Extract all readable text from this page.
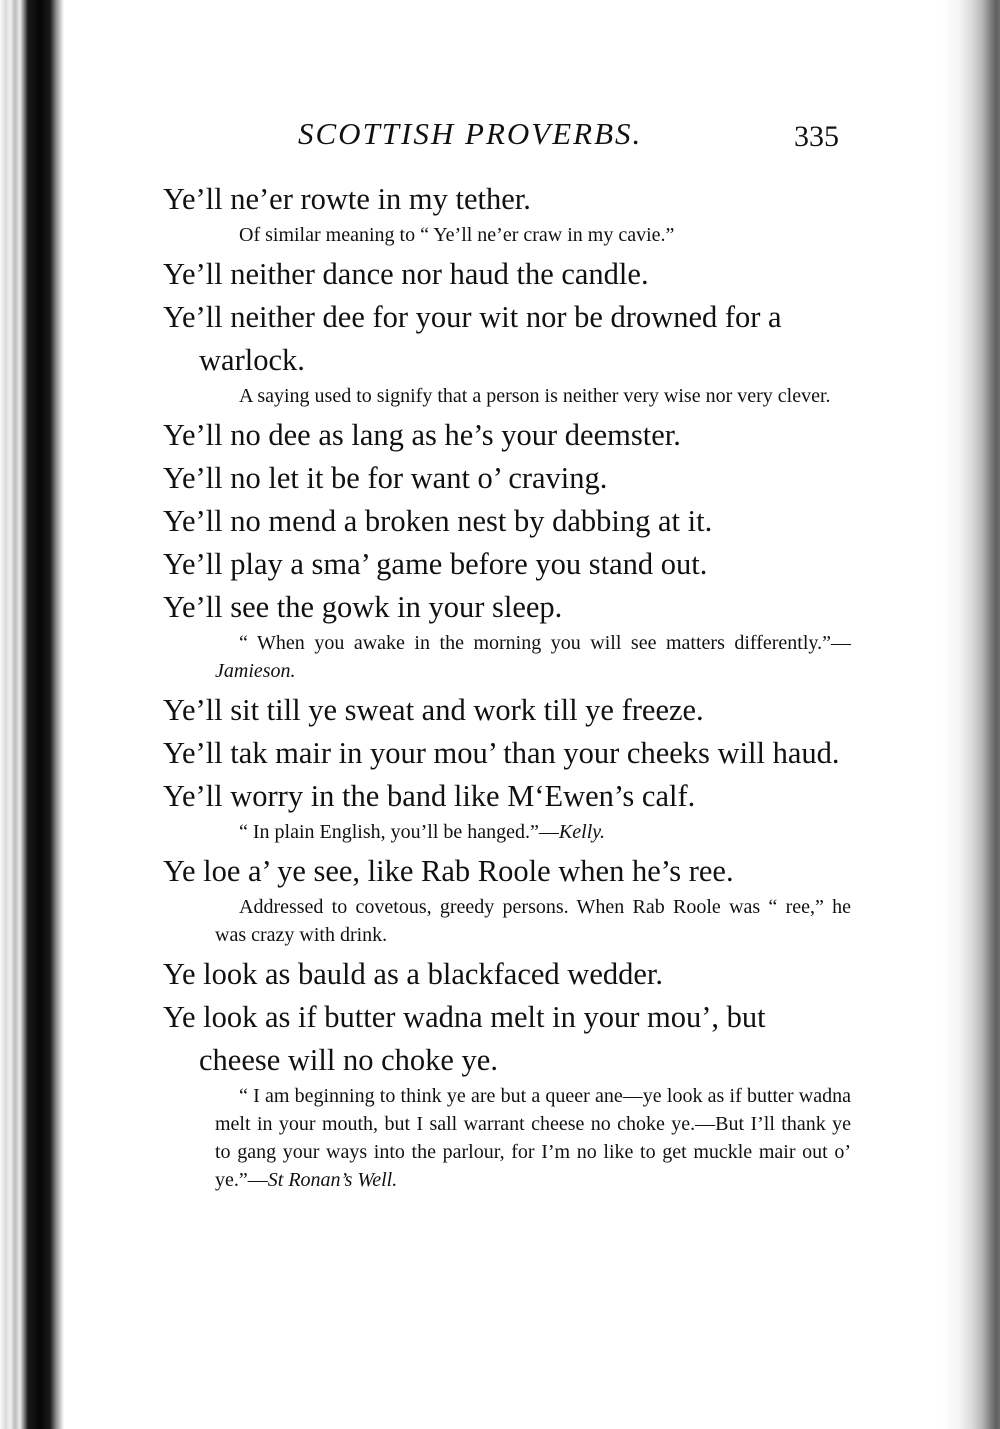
SCOTTISH PROVERBS.	335

Ye’ll ne’er rowte in my tether.

Of similar meaning to “ Ye’ll ne’er craw in my cavie.”

Ye’ll neither dance nor haud the candle.

Ye’ll neither dee for your wit nor be drowned for a warlock.

A saying used to signify that a person is neither very wise nor very clever.

Ye’ll no dee as lang as he’s your deemster.

Ye’ll no let it be for want o’ craving.

Ye’ll no mend a broken nest by dabbing at it.

Ye’ll play a sma’ game before you stand out.

Ye’ll see the gowk in your sleep.

“ When you awake in the morning you will see matters differently.”—Jamieson.

Ye’ll sit till ye sweat and work till ye freeze.

Ye’ll tak mair in your mou’ than your cheeks will haud.

Ye’ll worry in the band like M‘Ewen’s calf.

“ In plain English, you’ll be hanged.”—Kelly.

Ye loe a’ ye see, like Rab Roole when he’s ree.

Addressed to covetous, greedy persons. When Rab Roole was “ ree,” he was crazy with drink.

Ye look as bauld as a blackfaced wedder.

Ye look as if butter wadna melt in your mou’, but cheese will no choke ye.

“ I am beginning to think ye are but a queer ane—ye look as if butter wadna melt in your mouth, but I sall warrant cheese no choke ye.—But I’ll thank ye to gang your ways into the parlour, for I’m no like to get muckle mair out o’ ye.”—St Ronan’s Well.
